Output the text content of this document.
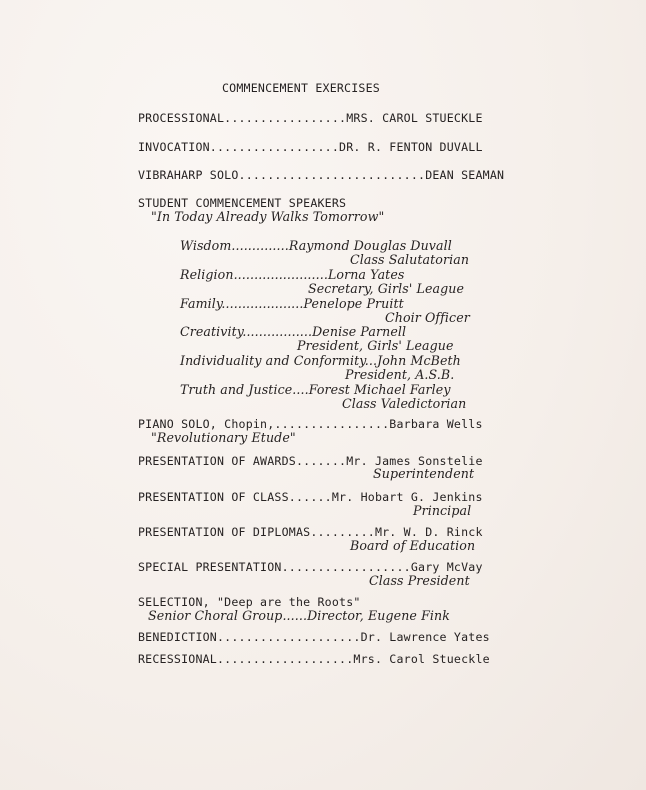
COMMENCEMENT EXERCISES
PROCESSIONAL.................MRS. CAROL STUECKLE
INVOCATION..................DR. R. FENTON DUVALL
VIBRAHARP SOLO..........................DEAN SEAMAN
STUDENT COMMENCEMENT SPEAKERS
"In Today Already Walks Tomorrow"
Wisdom..............Raymond Douglas Duvall
Class Salutatorian
Religion.......................Lorna Yates
Secretary, Girls' League
Family....................Penelope Pruitt
Choir Officer
Creativity.................Denise Parnell
President, Girls' League
Individuality and Conformity...John McBeth
President, A.S.B.
Truth and Justice....Forest Michael Farley
Class Valedictorian
PIANO SOLO, Chopin,................Barbara Wells
"Revolutionary Etude"
PRESENTATION OF AWARDS.......Mr. James Sonstelie
Superintendent
PRESENTATION OF CLASS......Mr. Hobart G. Jenkins
Principal
PRESENTATION OF DIPLOMAS.........Mr. W. D. Rinck
Board of Education
SPECIAL PRESENTATION..................Gary McVay
Class President
SELECTION, "Deep are the Roots"
Senior Choral Group......Director, Eugene Fink
BENEDICTION....................Dr. Lawrence Yates
RECESSIONAL...................Mrs. Carol Stueckle
